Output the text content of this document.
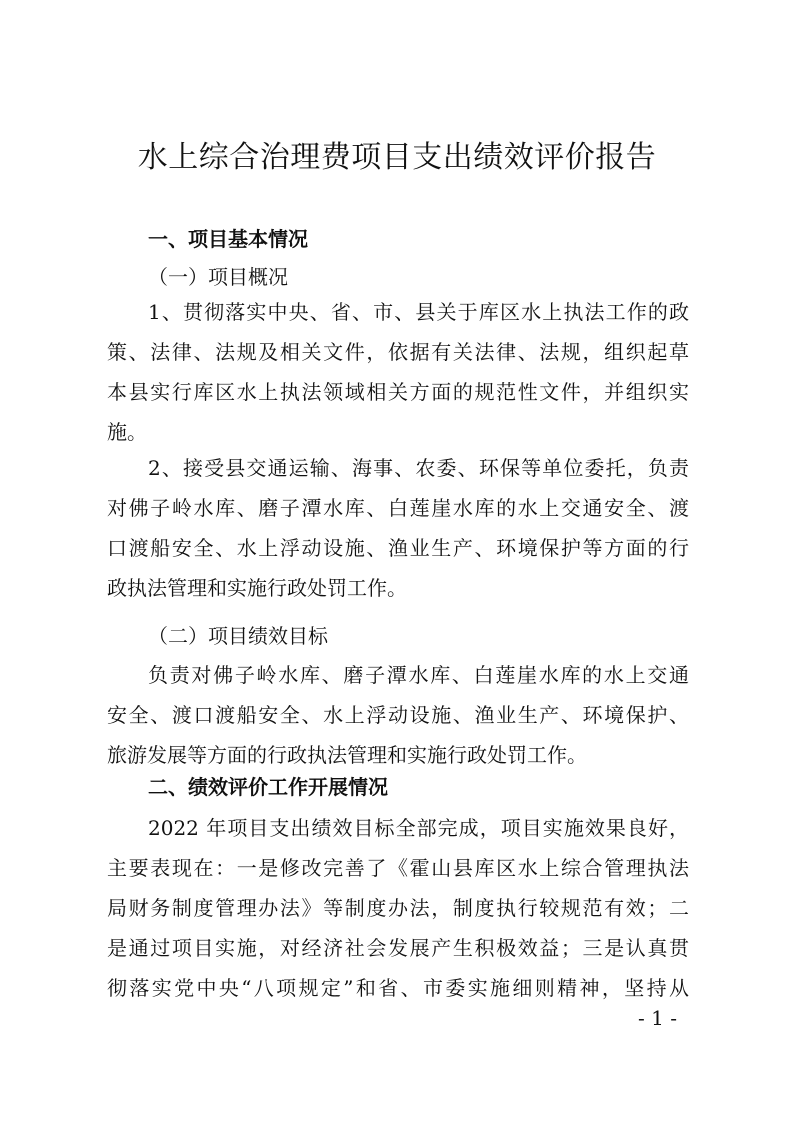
水上综合治理费项目支出绩效评价报告
一、项目基本情况
（一）项目概况
1、贯彻落实中央、省、市、县关于库区水上执法工作的政
策、法律、法规及相关文件，依据有关法律、法规，组织起草
本县实行库区水上执法领域相关方面的规范性文件，并组织实
施。
2、接受县交通运输、海事、农委、环保等单位委托，负责
对佛子岭水库、磨子潭水库、白莲崖水库的水上交通安全、渡
口渡船安全、水上浮动设施、渔业生产、环境保护等方面的行
政执法管理和实施行政处罚工作。
（二）项目绩效目标
负责对佛子岭水库、磨子潭水库、白莲崖水库的水上交通
安全、渡口渡船安全、水上浮动设施、渔业生产、环境保护、
旅游发展等方面的行政执法管理和实施行政处罚工作。
二、绩效评价工作开展情况
2022 年项目支出绩效目标全部完成，项目实施效果良好，
主要表现在：一是修改完善了《霍山县库区水上综合管理执法
局财务制度管理办法》等制度办法，制度执行较规范有效；二
是通过项目实施，对经济社会发展产生积极效益；三是认真贯
彻落实党中央“八项规定”和省、市委实施细则精神，坚持从
- 1 -
